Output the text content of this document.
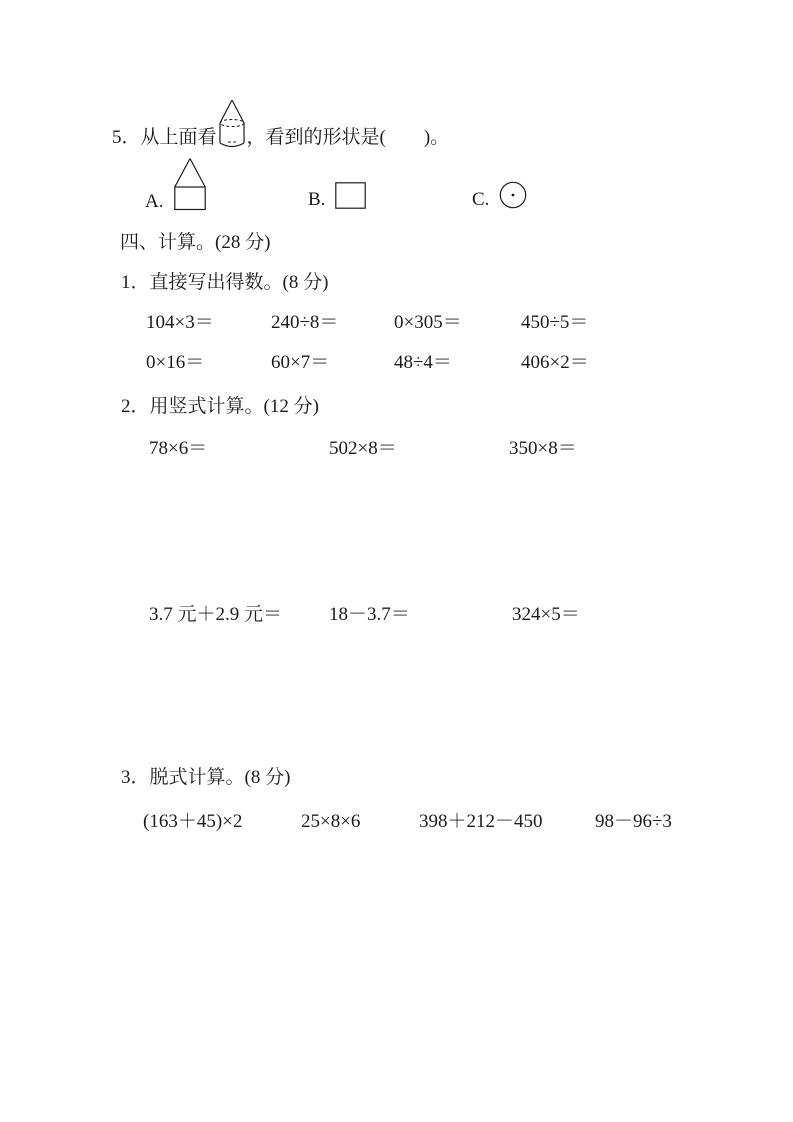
5． 从上面看 ，看到的形状是(　　)。
A.	B.	C.
四、计算。(28 分)
1．直接写出得数。(8 分)
104×3＝	240÷8＝	0×305＝	450÷5＝
0×16＝	60×7＝	48÷4＝	406×2＝
2．用竖式计算。(12 分)
78×6＝	502×8＝	350×8＝
3.7 元＋2.9 元＝ 18－3.7＝	324×5＝
3．脱式计算。(8 分)
(163＋45)×2	25×8×6	398＋212－450	98－96÷3
